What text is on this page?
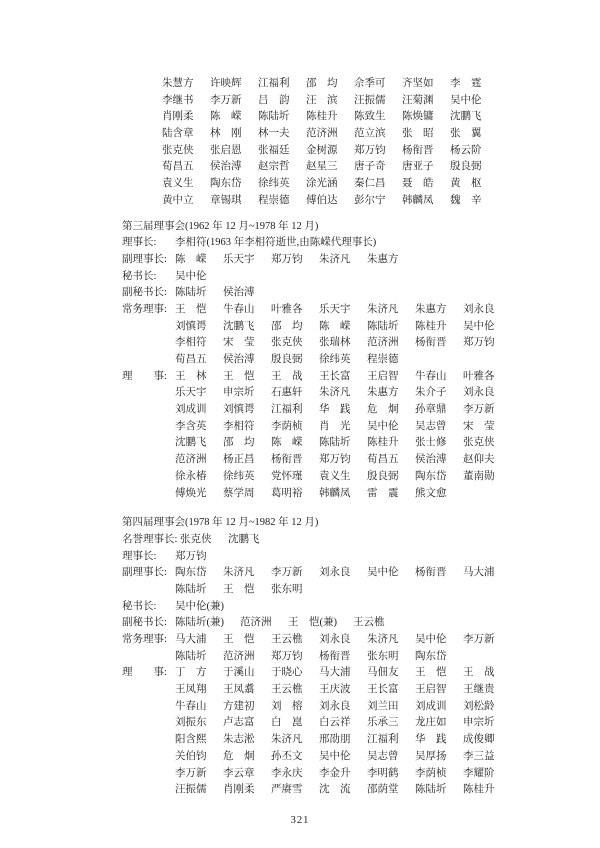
朱慧方 许映辉 江福利 邵　均 佘季可 齐坚如 李　霆
李继书 李万新 吕　韵 汪　滨 汪振儒 汪菊渊 吴中伦
肖刚柔 陈　嵘 陈陆圻 陈桂升 陈致生 陈焕镛 沈鹏飞
陆含章 林　刚 林一夫 范济洲 范立滨 张　昭 张　翼
张克侠 张启恩 张福廷 金树源 郑万钧 杨衔晋 杨云阶
荀昌五 侯治溥 赵宗哲 赵星三 唐子奇 唐亚子 殷良弼
袁义生 陶东岱 徐纬英 涂光涵 秦仁昌 聂　皓 黄　枢
黄中立 章锡琪 程崇德 傅伯达 彭尔宁 韩麟凤 魏　辛
第三届理事会(1962 年 12 月~1978 年 12 月)
理事长:	李相符(1963 年李相符逝世,由陈嵘代理事长)
副理事长: 陈　嵘 乐天宇 郑万钧 朱济凡 朱惠方
秘书长:	吴中伦
副秘书长: 陈陆圻 侯治溥
常务理事: 王　恺 牛春山 叶雅各 乐天宇 朱济凡 朱惠方 刘永良
刘慎谔 沈鹏飞 邵　均 陈　嵘 陈陆圻 陈桂升 吴中伦
李相符 宋　莹 张克侠 张瑞林 范济洲 杨衔晋 郑万钧
荀昌五 侯治溥 殷良弼 徐纬英 程崇德
理　　事: 王　林 王　恺 王　战 王长富 王启智 牛春山 叶雅各
乐天宇 申宗圻 石惠轩 朱济凡 朱惠方 朱介子 刘永良
刘成训 刘慎谔 江福利 华　践 危　炯 孙章鼎 李万新
李含英 李相符 李荫桢 肖　光 吴中伦 吴志曾 宋　莹
沈鹏飞 邵　均 陈　嵘 陈陆圻 陈桂升 张士修 张克侠
范济洲 杨正昌 杨衔晋 郑万钧 荀昌五 侯治溥 赵仰夫
徐永椿 徐纬英 党怀瑾 袁义生 殷良弼 陶东岱 董南勋
傅焕光 蔡学周 葛明裕 韩麟凤 雷　震 熊文愈
第四届理事会(1978 年 12 月~1982 年 12 月)
名誉理事长: 张克侠 沈鹏飞
理事长:	郑万钧
副理事长: 陶东岱 朱济凡 李万新 刘永良 吴中伦 杨衔晋 马大浦
陈陆圻 王　恺 张东明
秘书长:	吴中伦(兼)
副秘书长: 陈陆圻(兼) 范济洲 王　恺(兼) 王云樵
常务理事: 马大浦 王　恺 王云樵 刘永良 朱济凡 吴中伦 李万新
陈陆圻 范济洲 郑万钧 杨衔晋 张东明 陶东岱
理　　事: 丁　方 于溪山 于晓心 马大浦 马佃友 王　恺 王　战
王凤翔 王凤翥 王云樵 王庆波 王长富 王启智 王继贵
牛春山 方建初 刘　榕 刘永良 刘兰田 刘成训 刘松龄
刘振东 卢志富 白　崑 白云祥 乐承三 龙庄如 申宗圻
阳含熙 朱志淞 朱济凡 邢劭朋 江福利 华　践 成俊卿
关伯钧 危　炯 孙丕文 吴中伦 吴志曾 吴厚扬 李三益
李万新 李云章 李永庆 李金升 李明鹤 李荫桢 李耀阶
汪振儒 肖刚柔 严赓雪 沈　流 邵荫堂 陈陆圻 陈桂升
321
